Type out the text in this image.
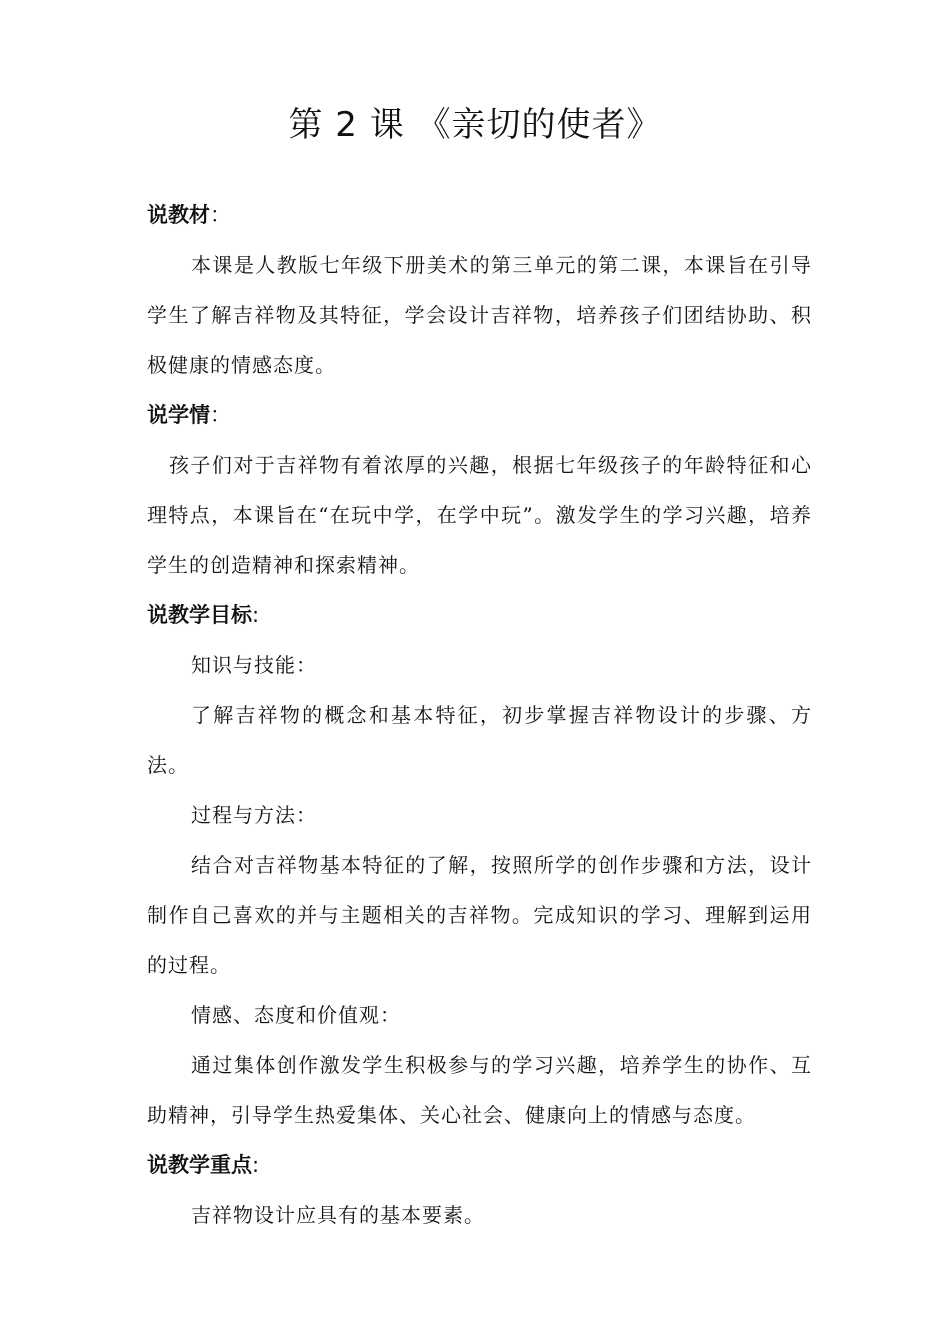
第 2 课 《亲切的使者》

说教材：

本课是人教版七年级下册美术的第三单元的第二课，本课旨在引导学生了解吉祥物及其特征，学会设计吉祥物，培养孩子们团结协助、积极健康的情感态度。

说学情：

孩子们对于吉祥物有着浓厚的兴趣，根据七年级孩子的年龄特征和心理特点，本课旨在“在玩中学，在学中玩”。激发学生的学习兴趣，培养学生的创造精神和探索精神。

说教学目标:

知识与技能：

了解吉祥物的概念和基本特征，初步掌握吉祥物设计的步骤、方法。

过程与方法：

结合对吉祥物基本特征的了解，按照所学的创作步骤和方法，设计制作自己喜欢的并与主题相关的吉祥物。完成知识的学习、理解到运用的过程。

情感、态度和价值观：

通过集体创作激发学生积极参与的学习兴趣，培养学生的协作、互助精神，引导学生热爱集体、关心社会、健康向上的情感与态度。

说教学重点:

吉祥物设计应具有的基本要素。
